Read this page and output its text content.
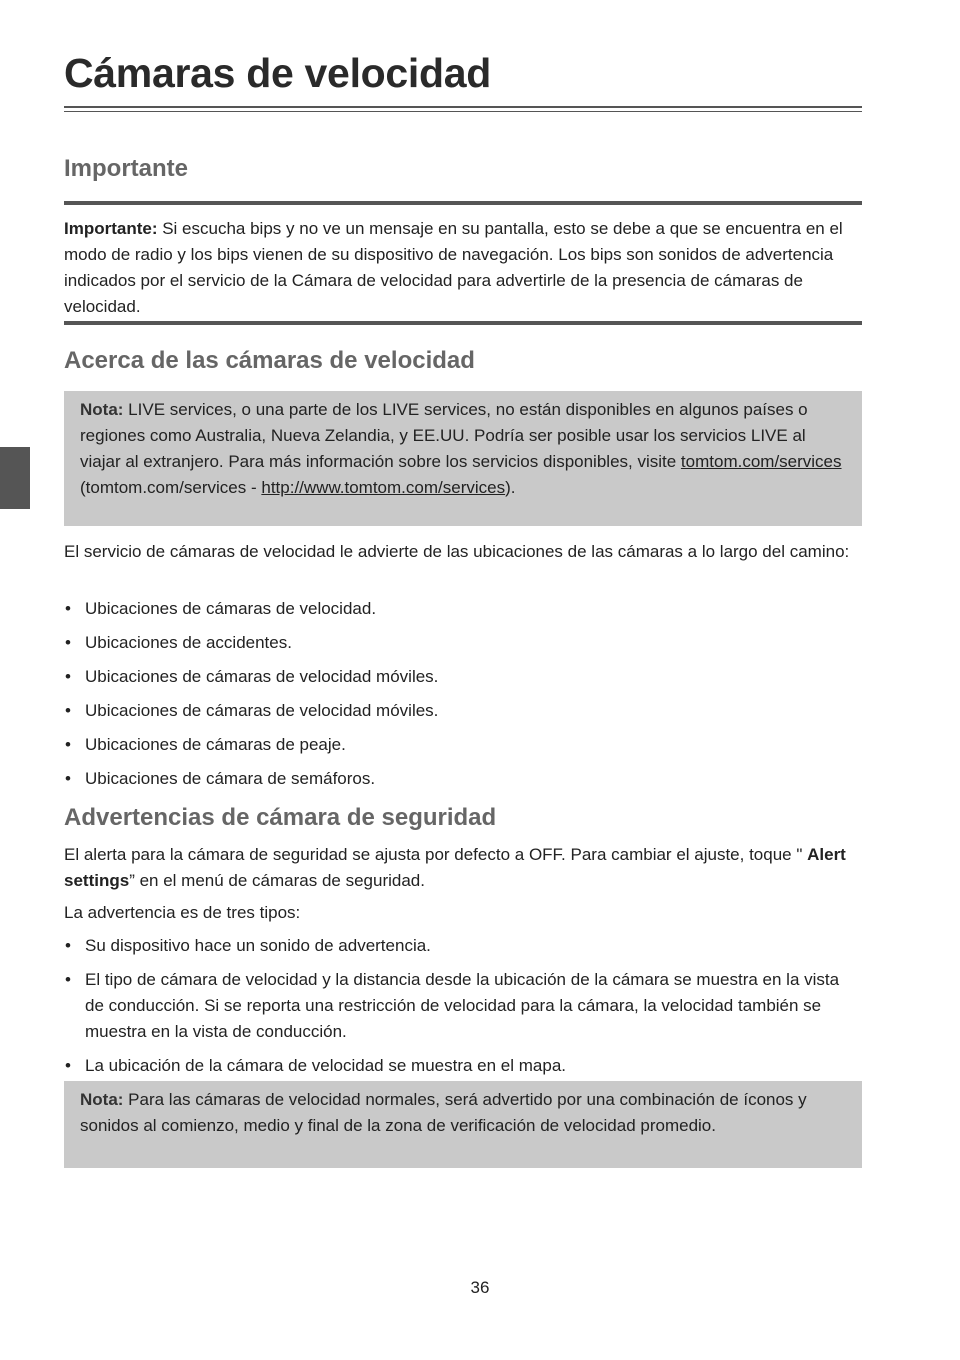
Cámaras de velocidad
Importante

Importante: Si escucha bips y no ve un mensaje en su pantalla, esto se debe a que se encuentra en el modo de radio y los bips vienen de su dispositivo de navegación. Los bips son sonidos de advertencia indicados por el servicio de la Cámara de velocidad para advertirle de la presencia de cámaras de velocidad.

Acerca de las cámaras de velocidad
Nota: LIVE services, o una parte de los LIVE services, no están disponibles en algunos países o regiones como Australia, Nueva Zelandia, y EE.UU. Podría ser posible usar los servicios LIVE al viajar al extranjero. Para más información sobre los servicios disponibles, visite tomtom.com/services (tomtom.com/services - http://www.tomtom.com/services).

El servicio de cámaras de velocidad le advierte de las ubicaciones de las cámaras a lo largo del camino:

• Ubicaciones de cámaras de velocidad.
• Ubicaciones de accidentes.
• Ubicaciones de cámaras de velocidad móviles.
• Ubicaciones de cámaras de velocidad móviles.
• Ubicaciones de cámaras de peaje.
• Ubicaciones de cámara de semáforos.
Advertencias de cámara de seguridad

El alerta para la cámara de seguridad se ajusta por defecto a OFF. Para cambiar el ajuste, toque " Alert settings” en el menú de cámaras de seguridad.

La advertencia es de tres tipos:

• Su dispositivo hace un sonido de advertencia.
• El tipo de cámara de velocidad y la distancia desde la ubicación de la cámara se muestra en la vista de conducción. Si se reporta una restricción de velocidad para la cámara, la velocidad también se muestra en la vista de conducción.
• La ubicación de la cámara de velocidad se muestra en el mapa.
Nota: Para las cámaras de velocidad normales, será advertido por una combinación de íconos y sonidos al comienzo, medio y final de la zona de verificación de velocidad promedio.
36
